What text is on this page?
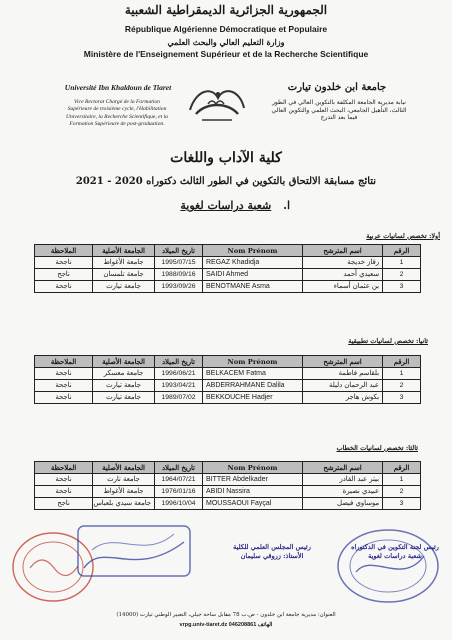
الجمهورية الجزائرية الديمقراطية الشعبية
République Algérienne Démocratique et Populaire
وزارة التعليم العالي والبحث العلمي
Ministère de l'Enseignement Supérieur et de la Recherche Scientifique
Université Ibn Khaldoun de Tiaret	جامعة ابن خلدون تيارت
Vice Rectorat Chargé de la Formation
Supérieure de troisième cycle, l'Habilitation
Universitaire, la Recherche Scientifique, et la
Formation Supérieure de post-graduation.
نيابة مديرية الجامعة المكلفة بالتكوين العالي في الطور
الثالث، التأهيل الجامعي، البحث العلمي والتكوين العالي
فيما بعد التدرج
كلية الآداب واللغات
نتائج مسابقة الالتحاق بالتكوين في الطور الثالث دكتوراه 2020 - 2021
ا. شعبة دراسات لغوية
أولا: تخصص لسانيات عربية
الملاحظة	الجامعة الأصلية	تاريخ الميلاد	Nom Prénom	اسم المترشح	الرقم
ناجحة	جامعة الأغواط	1995/07/15	REGAZ Khadidja	رقاز خديجة	1
ناجح	جامعة تلمسان	1988/09/16	SAIDI Ahmed	سعيدي أحمد	2
ناجحة	جامعة تيارت	1993/09/26	BENOTMANE Asma	بن عثمان أسماء	3
ثانيا: تخصص لسانيات تطبيقية
الملاحظة	الجامعة الأصلية	تاريخ الميلاد	Nom Prénom	اسم المترشح	الرقم
ناجحة	جامعة معسكر	1996/06/21	BELKACEM Fatma	بلقاسم فاطمة	1
ناجحة	جامعة تيارت	1993/04/21	ABDERRAHMANE Dalila	عبد الرحمان دليلة	2
ناجحة	جامعة تيارت	1989/07/02	BEKKOUCHE Hadjer	بكوش هاجر	3
ثالثا: تخصص لسانيات الخطاب
الملاحظة	الجامعة الأصلية	تاريخ الميلاد	Nom Prénom	اسم المترشح	الرقم
ناجحة	جامعة تارت	1964/07/21	BITTER Abdelkader	بيتر عبد القادر	1
ناجحة	جامعة الأغواط	1976/01/16	ABIDI Nassira	عبيدي نصيرة	2
ناجح	جامعة سيدي بلعباس	1996/10/04	MOUSSAOUI Fayçal	موساوي فيصل	3
رئيس المجلس العلمي للكلية
الأستاذ: زروقي سليمان
رئيس لجنة التكوين في الدكتوراه
شعبة دراسات لغوية
العنوان: مديرية جامعة ابن خلدون - ص.ب 78 مقابل ساحة جيلي، التعبير الوطني تيارت (14000)
vrpg.univ-tiaret.dz الهاتف 046208861
